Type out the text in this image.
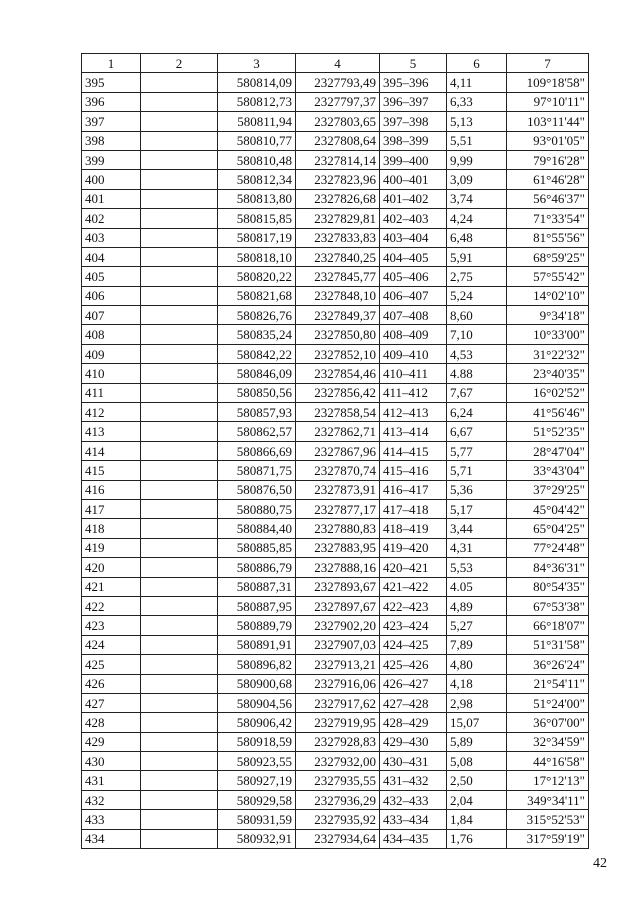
1	2	3	4	5	6	7
395		580814,09	2327793,49	395–396	4,11	109°18'58"
396		580812,73	2327797,37	396–397	6,33	97°10'11"
397		580811,94	2327803,65	397–398	5,13	103°11'44"
398		580810,77	2327808,64	398–399	5,51	93°01'05"
399		580810,48	2327814,14	399–400	9,99	79°16'28"
400		580812,34	2327823,96	400–401	3,09	61°46'28"
401		580813,80	2327826,68	401–402	3,74	56°46'37"
402		580815,85	2327829,81	402–403	4,24	71°33'54"
403		580817,19	2327833,83	403–404	6,48	81°55'56"
404		580818,10	2327840,25	404–405	5,91	68°59'25"
405		580820,22	2327845,77	405–406	2,75	57°55'42"
406		580821,68	2327848,10	406–407	5,24	14°02'10"
407		580826,76	2327849,37	407–408	8,60	9°34'18"
408		580835,24	2327850,80	408–409	7,10	10°33'00"
409		580842,22	2327852,10	409–410	4,53	31°22'32"
410		580846,09	2327854,46	410–411	4.88	23°40'35"
411		580850,56	2327856,42	411–412	7,67	16°02'52"
412		580857,93	2327858,54	412–413	6,24	41°56'46"
413		580862,57	2327862,71	413–414	6,67	51°52'35"
414		580866,69	2327867,96	414–415	5,77	28°47'04"
415		580871,75	2327870,74	415–416	5,71	33°43'04"
416		580876,50	2327873,91	416–417	5,36	37°29'25"
417		580880,75	2327877,17	417–418	5,17	45°04'42"
418		580884,40	2327880,83	418–419	3,44	65°04'25"
419		580885,85	2327883,95	419–420	4,31	77°24'48"
420		580886,79	2327888,16	420–421	5,53	84°36'31"
421		580887,31	2327893,67	421–422	4.05	80°54'35"
422		580887,95	2327897,67	422–423	4,89	67°53'38"
423		580889,79	2327902,20	423–424	5,27	66°18'07"
424		580891,91	2327907,03	424–425	7,89	51°31'58"
425		580896,82	2327913,21	425–426	4,80	36°26'24"
426		580900,68	2327916,06	426–427	4,18	21°54'11"
427		580904,56	2327917,62	427–428	2,98	51°24'00"
428		580906,42	2327919,95	428–429	15,07	36°07'00"
429		580918,59	2327928,83	429–430	5,89	32°34'59"
430		580923,55	2327932,00	430–431	5,08	44°16'58"
431		580927,19	2327935,55	431–432	2,50	17°12'13"
432		580929,58	2327936,29	432–433	2,04	349°34'11"
433		580931,59	2327935,92	433–434	1,84	315°52'53"
434		580932,91	2327934,64	434–435	1,76	317°59'19"
42
